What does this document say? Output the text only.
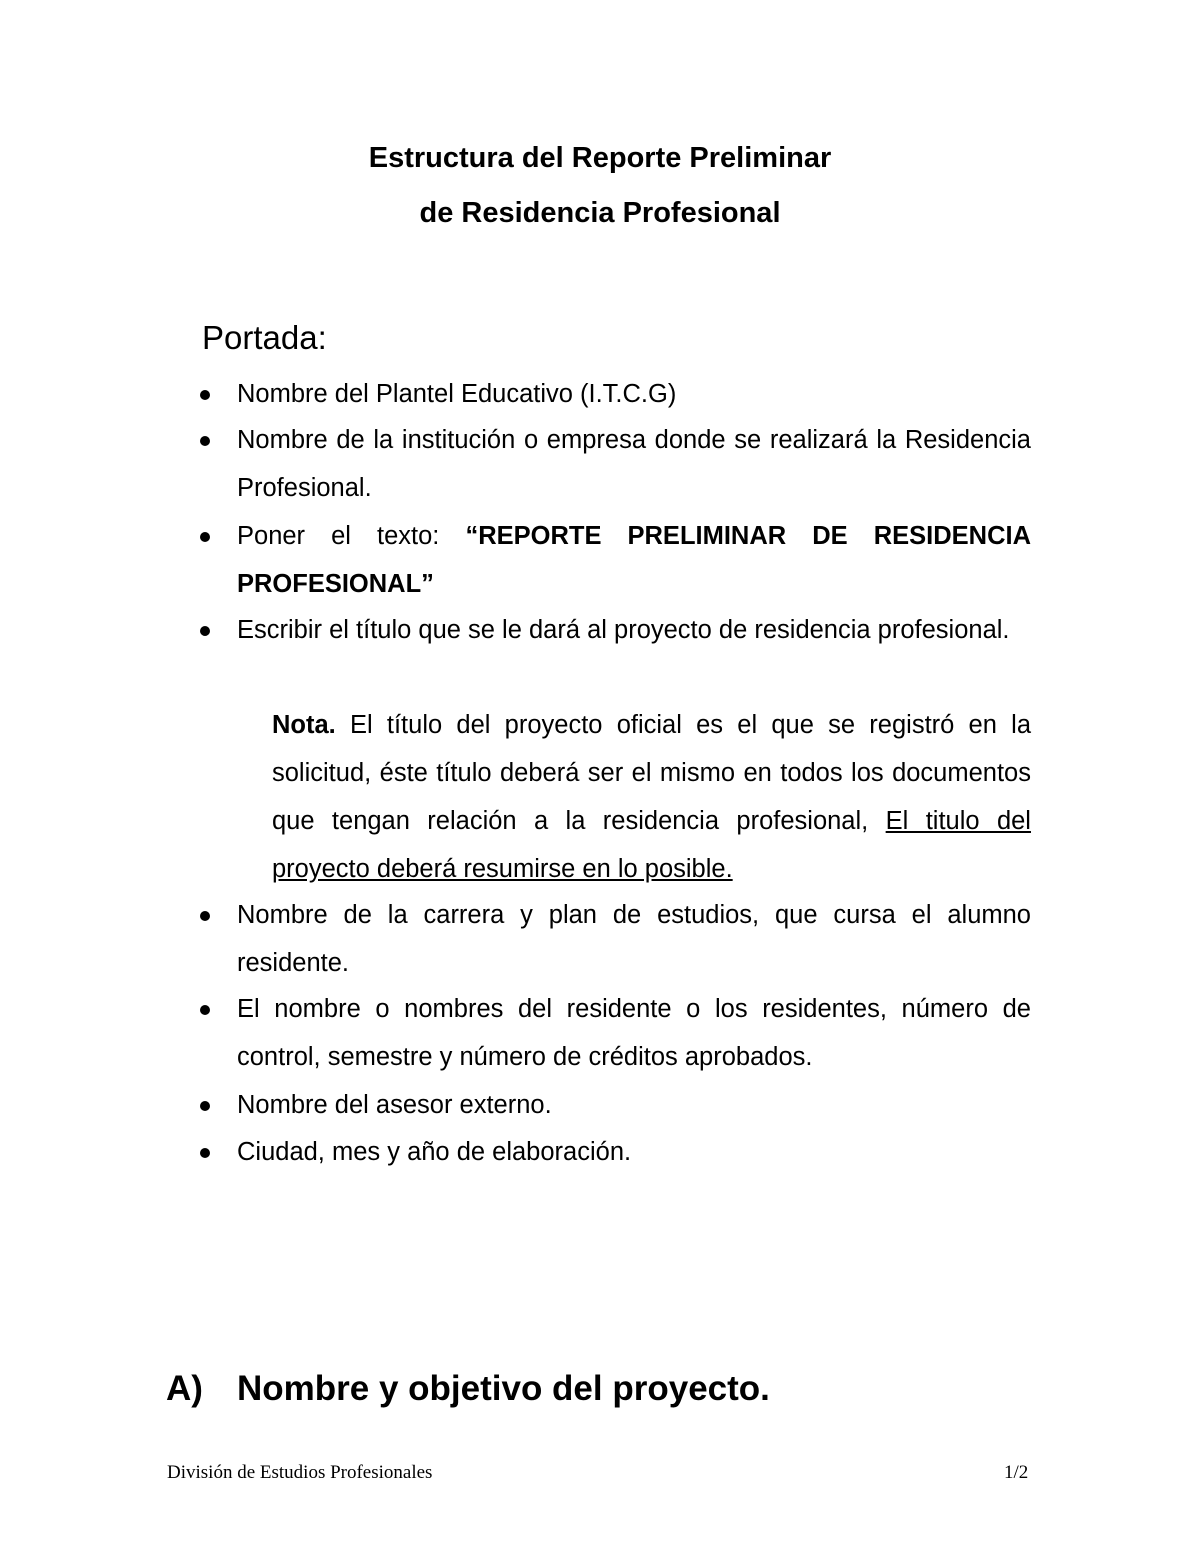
Estructura del Reporte Preliminar
de Residencia Profesional
Portada:
Nombre del Plantel Educativo (I.T.C.G)
Nombre de la institución o empresa donde se realizará la Residencia Profesional.
Poner el texto: “REPORTE PRELIMINAR DE RESIDENCIA PROFESIONAL”
Escribir el título que se le dará al proyecto de residencia profesional.
Nombre de la carrera y plan de estudios, que cursa el alumno residente.
El nombre o nombres del residente o los residentes, número de control, semestre y número de créditos aprobados.
Nombre del asesor externo.
Ciudad, mes y año de elaboración.
Nota. El título del proyecto oficial es el que se registró en la solicitud, éste título deberá ser el mismo en todos los documentos que tengan relación a la residencia profesional, El titulo del proyecto deberá resumirse en lo posible.
A) Nombre y objetivo del proyecto.
División de Estudios Profesionales	1/2
